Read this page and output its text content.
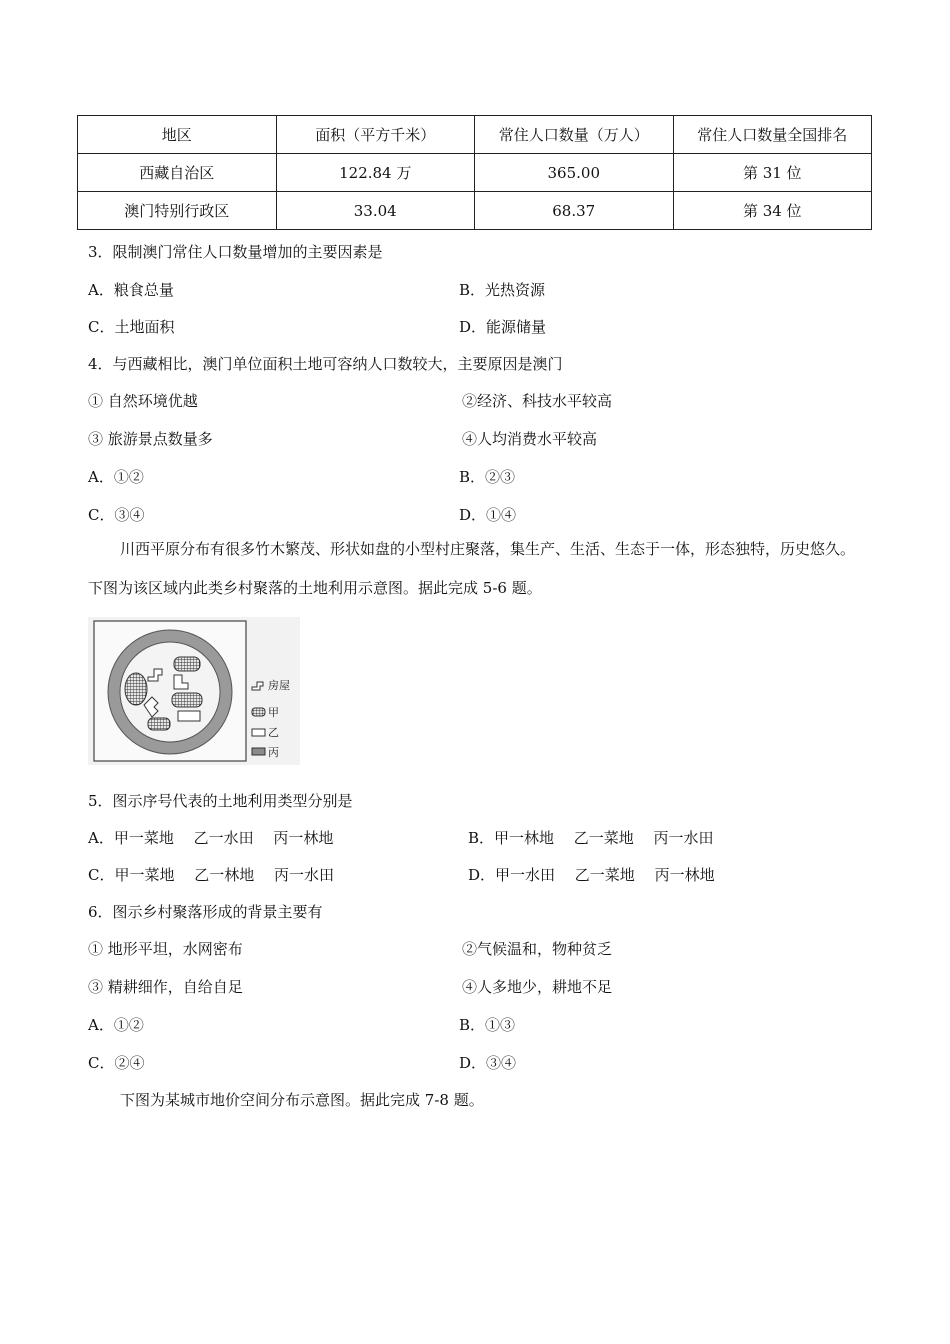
地区	面积（平方千米）	常住人口数量（万人）	常住人口数量全国排名
西藏自治区	122.84 万	365.00	第 31 位
澳门特别行政区	33.04	68.37	第 34 位
3．限制澳门常住人口数量增加的主要因素是
A．粮食总量	B．光热资源
C．土地面积	D．能源储量
4．与西藏相比，澳门单位面积土地可容纳人口数较大，主要原因是澳门
① 自然环境优越	②经济、科技水平较高
③ 旅游景点数量多	④人均消费水平较高
A．①②	B．②③
C．③④	D．①④
川西平原分布有很多竹木繁茂、形状如盘的小型村庄聚落，集生产、生活、生态于一体，形态独特，历史悠久。下图为该区域内此类乡村聚落的土地利用示意图。据此完成 5-6 题。
房屋
甲
乙
丙
5．图示序号代表的土地利用类型分别是
A．甲一菜地　 乙一水田　 丙一林地	B．甲一林地　 乙一菜地　 丙一水田
C．甲一菜地　 乙一林地　 丙一水田	D．甲一水田　 乙一菜地　 丙一林地
6．图示乡村聚落形成的背景主要有
① 地形平坦，水网密布	②气候温和，物种贫乏
③ 精耕细作，自给自足	④人多地少，耕地不足
A．①②	B．①③
C．②④	D．③④
下图为某城市地价空间分布示意图。据此完成 7-8 题。
